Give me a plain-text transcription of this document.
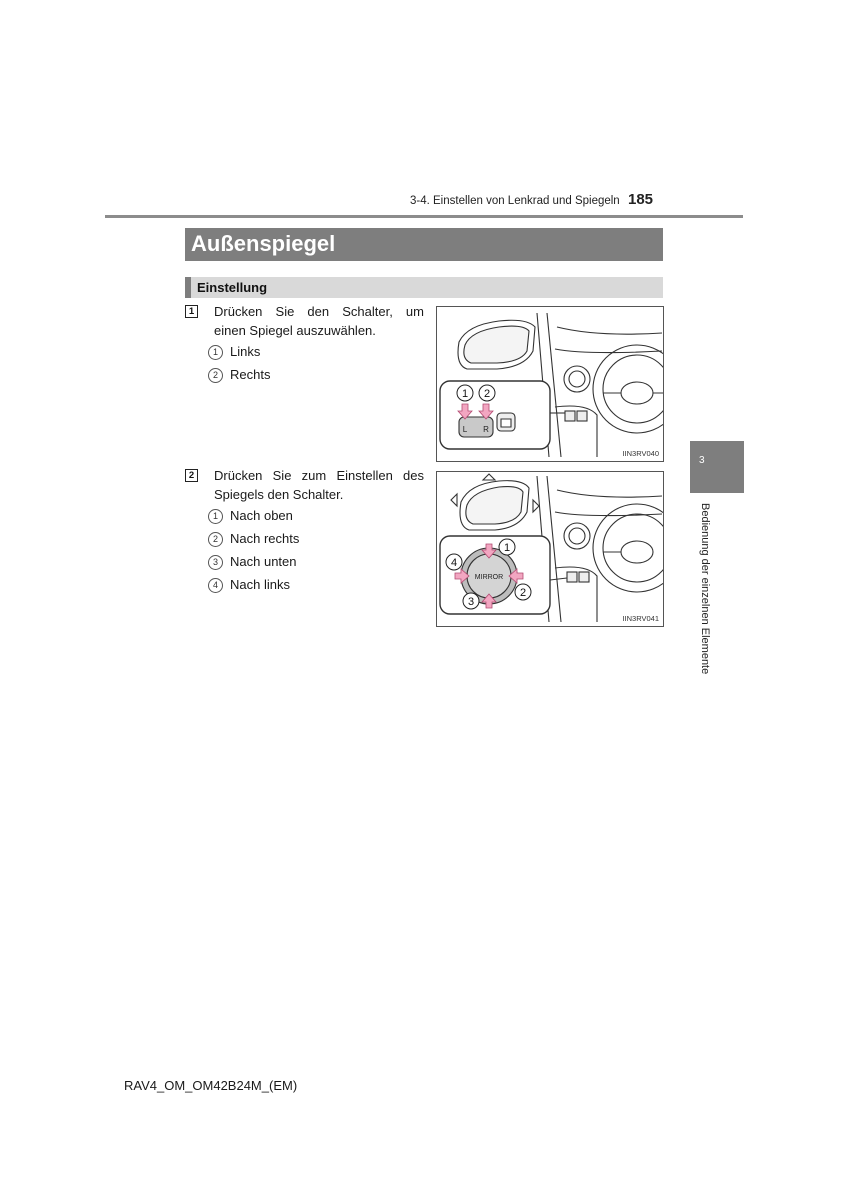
3-4. Einstellen von Lenkrad und Spiegeln 185
Außenspiegel
Einstellung
1 Drücken Sie den Schalter, um
einen Spiegel auszuwählen.
1 Links
2 Rechts
L R
1 2
IIN3RV040
2 Drücken Sie zum Einstellen des
Spiegels den Schalter.
1 Nach oben
2 Nach rechts
3 Nach unten
4 Nach links	MIRROR
1
2
3
4
IIN3RV041
3
Bedienung der einzelnen Elemente
RAV4_OM_OM42B24M_(EM)
